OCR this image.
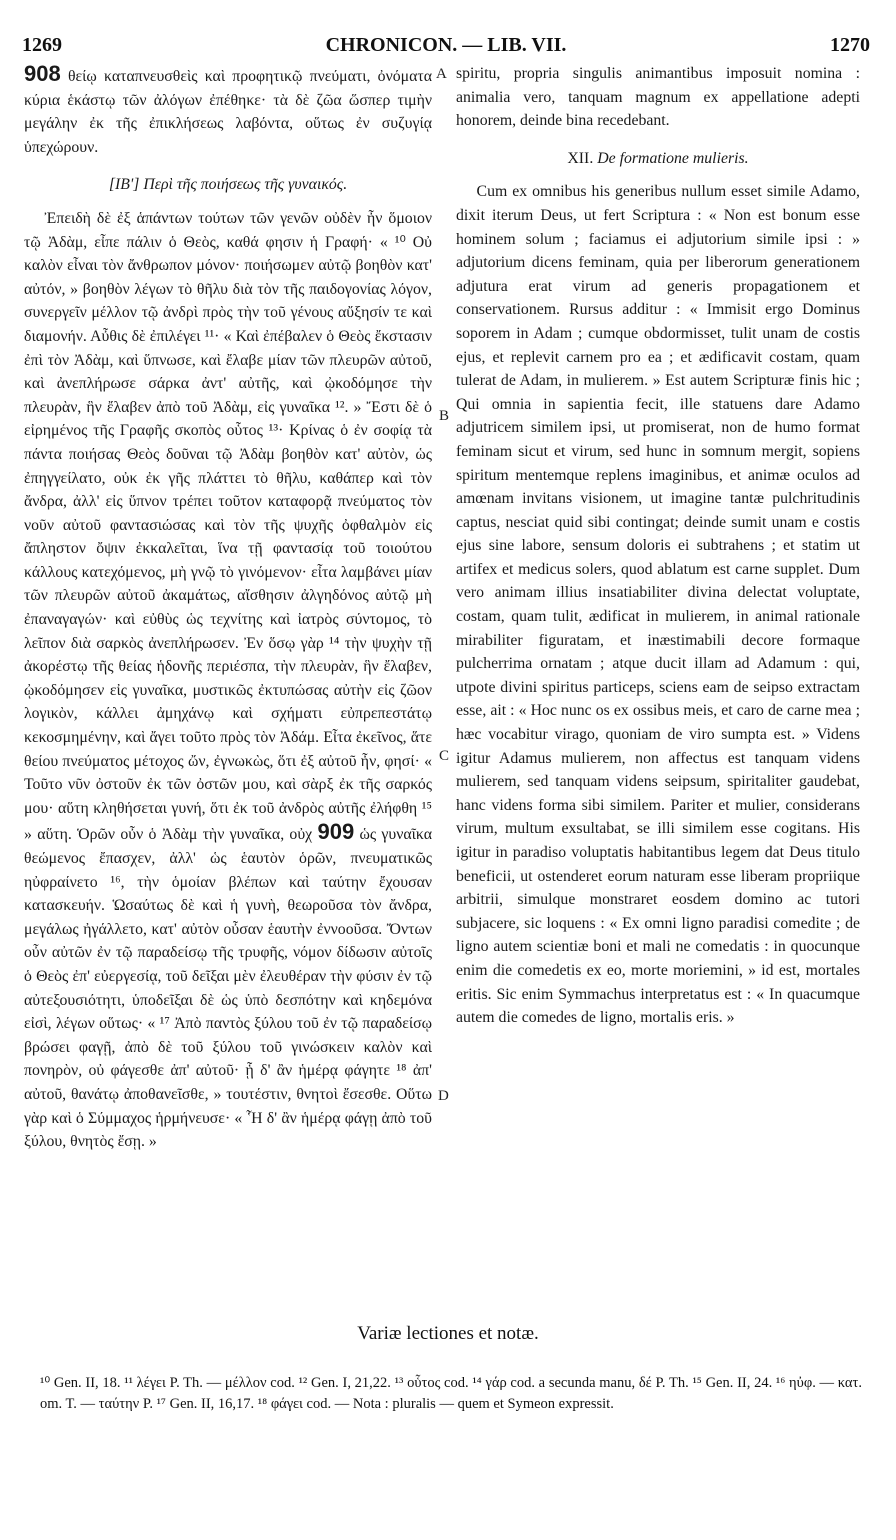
1269	CHRONICON. — LIB. VII.	1270

908 θείῳ καταπνευσθεὶς καὶ προφητικῷ πνεύματι, ὀνόματα κύρια ἑκάστῳ τῶν ἀλόγων ἐπέθηκε· τὰ δὲ ζῶα ὥσπερ τιμὴν μεγάλην ἐκ τῆς ἐπικλήσεως λαβόντα, οὕτως ἐν συζυγίᾳ ὑπεχώρουν.

[ΙΒ'] Περὶ τῆς ποιήσεως τῆς γυναικός.

Ἐπειδὴ δὲ ἐξ ἁπάντων τούτων τῶν γενῶν οὐδὲν ἦν ὅμοιον τῷ Ἀδὰμ, εἶπε πάλιν ὁ Θεὸς, καθά φησιν ἡ Γραφή· « ¹⁰ Οὐ καλὸν εἶναι τὸν ἄνθρωπον μόνον· ποιήσωμεν αὐτῷ βοηθὸν κατ' αὐτόν, » βοηθὸν λέγων τὸ θῆλυ διὰ τὸν τῆς παιδογονίας λόγον, συνεργεῖν μέλλον τῷ ἀνδρὶ πρὸς τὴν τοῦ γένους αὔξησίν τε καὶ διαμονήν. Αὖθις δὲ ἐπιλέγει ¹¹· « Καὶ ἐπέβαλεν ὁ Θεὸς ἔκστασιν ἐπὶ τὸν Ἀδὰμ, καὶ ὕπνωσε, καὶ ἔλαβε μίαν τῶν πλευρῶν αὐτοῦ, καὶ ἀνεπλήρωσε σάρκα ἀντ' αὐτῆς, καὶ ᾠκοδόμησε τὴν πλευρὰν, ἣν ἔλαβεν ἀπὸ τοῦ Ἀδὰμ, εἰς γυναῖκα ¹². » Ἔστι δὲ ὁ εἰρημένος τῆς Γραφῆς σκοπὸς οὗτος ¹³· Κρίνας ὁ ἐν σοφίᾳ τὰ πάντα ποιήσας Θεὸς δοῦναι τῷ Ἀδὰμ βοηθὸν κατ' αὐτὸν, ὡς ἐπηγγείλατο, οὐκ ἐκ γῆς πλάττει τὸ θῆλυ, καθάπερ καὶ τὸν ἄνδρα, ἀλλ' εἰς ὕπνον τρέπει τοῦτον καταφορᾷ πνεύματος τὸν νοῦν αὐτοῦ φαντασιώσας καὶ τὸν τῆς ψυχῆς ὀφθαλμὸν εἰς ἄπληστον ὄψιν ἐκκαλεῖται, ἵνα τῇ φαντασίᾳ τοῦ τοιούτου κάλλους κατεχόμενος, μὴ γνῷ τὸ γινόμενον· εἶτα λαμβάνει μίαν τῶν πλευρῶν αὐτοῦ ἀκαμάτως, αἴσθησιν ἀλγηδόνος αὐτῷ μὴ ἐπαναγαγών· καὶ εὐθὺς ὡς τεχνίτης καὶ ἰατρὸς σύντομος, τὸ λεῖπον διὰ σαρκὸς ἀνεπλήρωσεν. Ἐν ὅσῳ γὰρ ¹⁴ τὴν ψυχὴν τῇ ἀκορέστῳ τῆς θείας ἡδονῆς περιέσπα, τὴν πλευρὰν, ἣν ἔλαβεν, ᾠκοδόμησεν εἰς γυναῖκα, μυστικῶς ἐκτυπώσας αὐτὴν εἰς ζῶον λογικὸν, κάλλει ἀμηχάνῳ καὶ σχήματι εὐπρεπεστάτῳ κεκοσμημένην, καὶ ἄγει τοῦτο πρὸς τὸν Ἀδάμ. Εἶτα ἐκεῖνος, ἅτε θείου πνεύματος μέτοχος ὤν, ἐγνωκὼς, ὅτι ἐξ αὐτοῦ ἦν, φησί· « Τοῦτο νῦν ὀστοῦν ἐκ τῶν ὀστῶν μου, καὶ σὰρξ ἐκ τῆς σαρκός μου· αὕτη κληθήσεται γυνή, ὅτι ἐκ τοῦ ἀνδρὸς αὐτῆς ἐλήφθη ¹⁵ » αὕτη. Ὁρῶν οὖν ὁ Ἀδὰμ τὴν γυναῖκα, οὐχ 909 ὡς γυναῖκα θεώμενος ἔπασχεν, ἀλλ' ὡς ἑαυτὸν ὁρῶν, πνευματικῶς ηὐφραίνετο ¹⁶, τὴν ὁμοίαν βλέπων καὶ ταύτην ἔχουσαν κατασκευήν. Ὡσαύτως δὲ καὶ ἡ γυνὴ, θεωροῦσα τὸν ἄνδρα, μεγάλως ἠγάλλετο, κατ' αὐτὸν οὖσαν ἑαυτὴν ἐννοοῦσα. Ὄντων οὖν αὐτῶν ἐν τῷ παραδείσῳ τῆς τρυφῆς, νόμον δίδωσιν αὐτοῖς ὁ Θεὸς ἐπ' εὐεργεσίᾳ, τοῦ δεῖξαι μὲν ἐλευθέραν τὴν φύσιν ἐν τῷ αὐτεξουσιότητι, ὑποδεῖξαι δὲ ὡς ὑπὸ δεσπότην καὶ κηδεμόνα εἰσὶ, λέγων οὕτως· « ¹⁷ Ἀπὸ παντὸς ξύλου τοῦ ἐν τῷ παραδείσῳ βρώσει φαγῇ, ἀπὸ δὲ τοῦ ξύλου τοῦ γινώσκειν καλὸν καὶ πονηρὸν, οὐ φάγεσθε ἀπ' αὐτοῦ· ᾗ δ' ἂν ἡμέρᾳ φάγητε ¹⁸ ἀπ' αὐτοῦ, θανάτῳ ἀποθανεῖσθε, » τουτέστιν, θνητοὶ ἔσεσθε. Οὕτω γὰρ καὶ ὁ Σύμμαχος ἡρμήνευσε· « Ἧ δ' ἂν ἡμέρᾳ φάγῃ ἀπὸ τοῦ ξύλου, θνητὸς ἔσῃ. »

A
B
C
D

spiritu, propria singulis animantibus imposuit nomina : animalia vero, tanquam magnum ex appellatione adepti honorem, deinde bina recedebant.

XII. De formatione mulieris.

Cum ex omnibus his generibus nullum esset simile Adamo, dixit iterum Deus, ut fert Scriptura : « Non est bonum esse hominem solum ; faciamus ei adjutorium simile ipsi : » adjutorium dicens feminam, quia per liberorum generationem adjutura erat virum ad generis propagationem et conservationem. Rursus additur : « Immisit ergo Dominus soporem in Adam ; cumque obdormisset, tulit unam de costis ejus, et replevit carnem pro ea ; et ædificavit costam, quam tulerat de Adam, in mulierem. » Est autem Scripturæ finis hic ; Qui omnia in sapientia fecit, ille statuens dare Adamo adjutricem similem ipsi, ut promiserat, non de humo format feminam sicut et virum, sed hunc in somnum mergit, sopiens spiritum mentemque replens imaginibus, et animæ oculos ad amœnam invitans visionem, ut imagine tantæ pulchritudinis captus, nesciat quid sibi contingat; deinde sumit unam e costis ejus sine labore, sensum doloris ei subtrahens ; et statim ut artifex et medicus solers, quod ablatum est carne supplet. Dum vero animam illius insatiabiliter divina delectat voluptate, costam, quam tulit, ædificat in mulierem, in animal rationale mirabiliter figuratam, et inæstimabili decore formaque pulcherrima ornatam ; atque ducit illam ad Adamum : qui, utpote divini spiritus particeps, sciens eam de seipso extractam esse, ait : « Hoc nunc os ex ossibus meis, et caro de carne mea ; hæc vocabitur virago, quoniam de viro sumpta est. » Videns igitur Adamus mulierem, non affectus est tanquam videns mulierem, sed tanquam videns seipsum, spiritaliter gaudebat, hanc videns forma sibi similem. Pariter et mulier, considerans virum, multum exsultabat, se illi similem esse cogitans. His igitur in paradiso voluptatis habitantibus legem dat Deus titulo beneficii, ut ostenderet eorum naturam esse liberam propriique arbitrii, simulque monstraret eosdem domino ac tutori subjacere, sic loquens : « Ex omni ligno paradisi comedite ; de ligno autem scientiæ boni et mali ne comedatis : in quocunque enim die comedetis ex eo, morte moriemini, » id est, mortales eritis. Sic enim Symmachus interpretatus est : « In quacumque autem die comedes de ligno, mortalis eris. »

Variæ lectiones et notæ.
¹⁰ Gen. II, 18. ¹¹ λέγει P. Th. — μέλλον cod. ¹² Gen. I, 21,22. ¹³ οὗτος cod. ¹⁴ γάρ cod. a secunda manu, δέ P. Th. ¹⁵ Gen. II, 24. ¹⁶ ηὐφ. — κατ. om. T. — ταύτην P. ¹⁷ Gen. II, 16,17. ¹⁸ φάγει cod. — Nota : pluralis — quem et Symeon expressit.
